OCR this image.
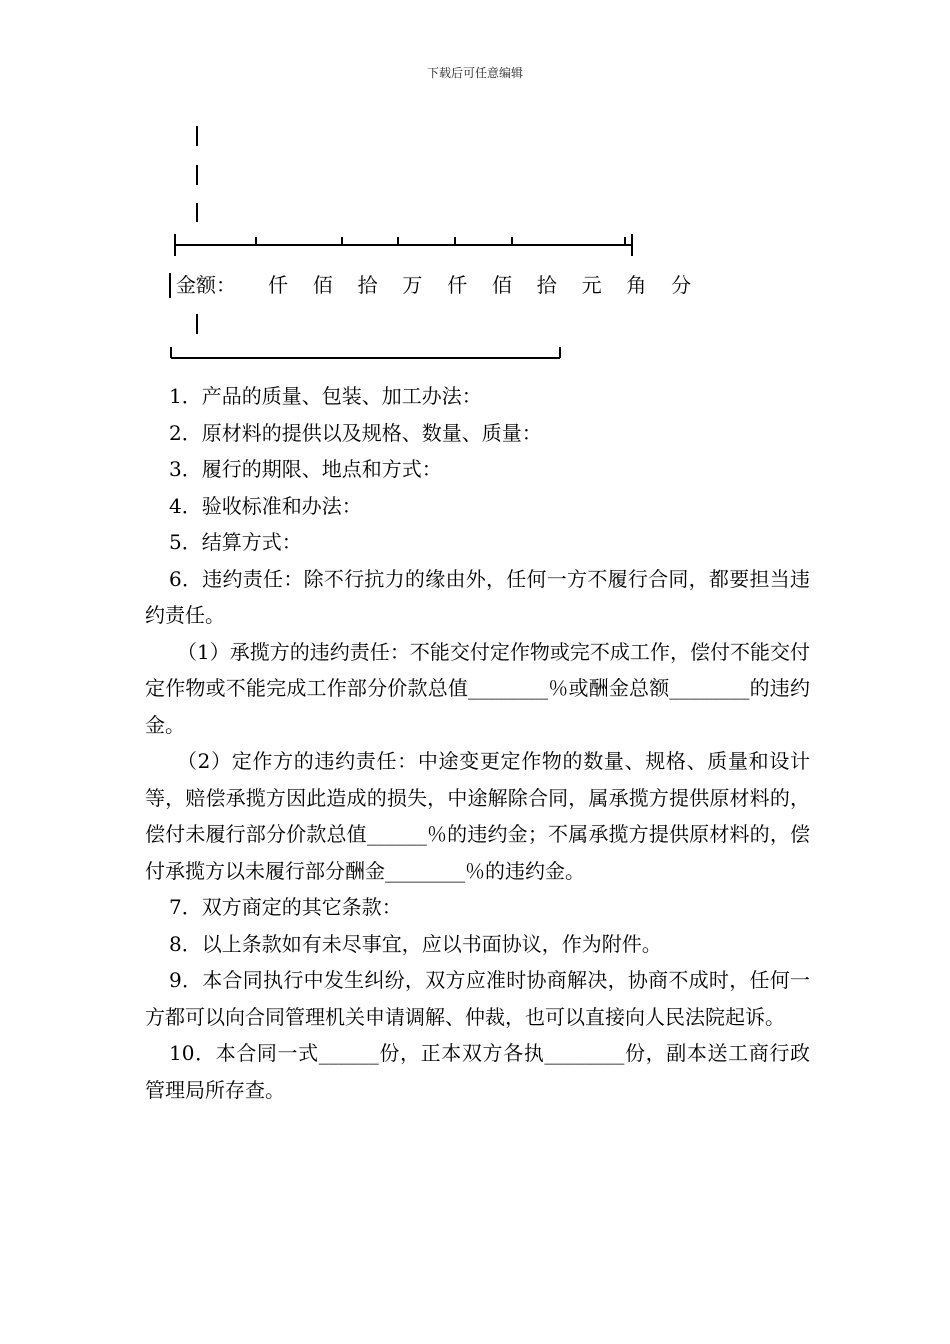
下载后可任意编辑
金额： 仟 佰 拾 万 仟 佰 拾 元 角 分

1．产品的质量、包装、加工办法：

2．原材料的提供以及规格、数量、质量：

3．履行的期限、地点和方式：

4．验收标准和办法：

5．结算方式：

6．违约责任：除不行抗力的缘由外，任何一方不履行合同，都要担当违约责任。

（1）承揽方的违约责任：不能交付定作物或完不成工作，偿付不能交付定作物或不能完成工作部分价款总值________％或酬金总额________的违约金。

（2）定作方的违约责任：中途变更定作物的数量、规格、质量和设计等，赔偿承揽方因此造成的损失，中途解除合同，属承揽方提供原材料的，偿付未履行部分价款总值______％的违约金；不属承揽方提供原材料的，偿付承揽方以未履行部分酬金________％的违约金。

7．双方商定的其它条款：

8．以上条款如有未尽事宜，应以书面协议，作为附件。

9．本合同执行中发生纠纷，双方应准时协商解决，协商不成时，任何一方都可以向合同管理机关申请调解、仲裁，也可以直接向人民法院起诉。

10．本合同一式______份，正本双方各执________份，副本送工商行政管理局所存查。
